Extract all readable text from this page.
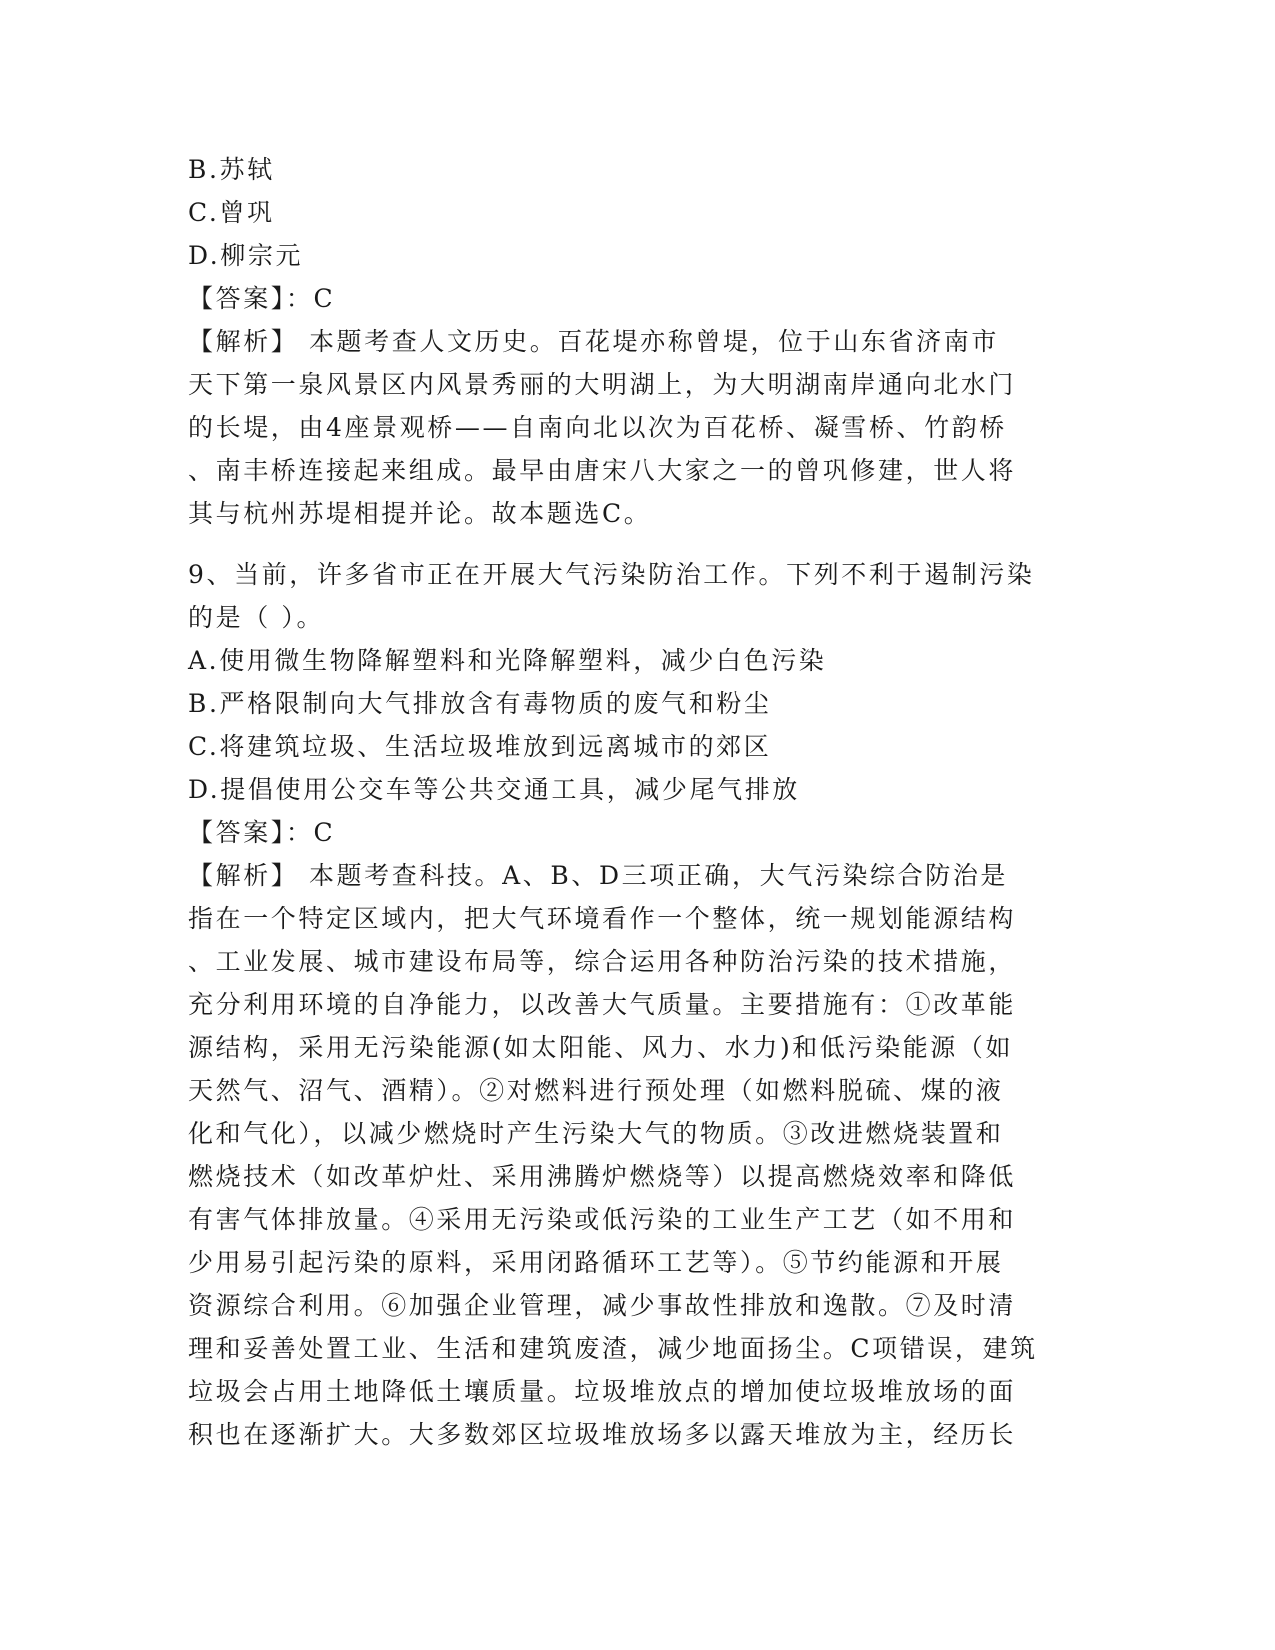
B.苏轼
C.曾巩
D.柳宗元
【答案】：C
【解析】 本题考查人文历史。百花堤亦称曾堤，位于山东省济南市
天下第一泉风景区内风景秀丽的大明湖上，为大明湖南岸通向北水门
的长堤，由4座景观桥——自南向北以次为百花桥、凝雪桥、竹韵桥
、南丰桥连接起来组成。最早由唐宋八大家之一的曾巩修建，世人将
其与杭州苏堤相提并论。故本题选C。
9、当前，许多省市正在开展大气污染防治工作。下列不利于遏制污染
的是（ ）。
A.使用微生物降解塑料和光降解塑料，减少白色污染
B.严格限制向大气排放含有毒物质的废气和粉尘
C.将建筑垃圾、生活垃圾堆放到远离城市的郊区
D.提倡使用公交车等公共交通工具，减少尾气排放
【答案】：C
【解析】 本题考查科技。A、B、D三项正确，大气污染综合防治是
指在一个特定区域内，把大气环境看作一个整体，统一规划能源结构
、工业发展、城市建设布局等，综合运用各种防治污染的技术措施，
充分利用环境的自净能力，以改善大气质量。主要措施有：①改革能
源结构，采用无污染能源(如太阳能、风力、水力)和低污染能源（如
天然气、沼气、酒精）。②对燃料进行预处理（如燃料脱硫、煤的液
化和气化），以减少燃烧时产生污染大气的物质。③改进燃烧装置和
燃烧技术（如改革炉灶、采用沸腾炉燃烧等）以提高燃烧效率和降低
有害气体排放量。④采用无污染或低污染的工业生产工艺（如不用和
少用易引起污染的原料，采用闭路循环工艺等）。⑤节约能源和开展
资源综合利用。⑥加强企业管理，减少事故性排放和逸散。⑦及时清
理和妥善处置工业、生活和建筑废渣，减少地面扬尘。C项错误，建筑
垃圾会占用土地降低土壤质量。垃圾堆放点的增加使垃圾堆放场的面
积也在逐渐扩大。大多数郊区垃圾堆放场多以露天堆放为主，经历长
